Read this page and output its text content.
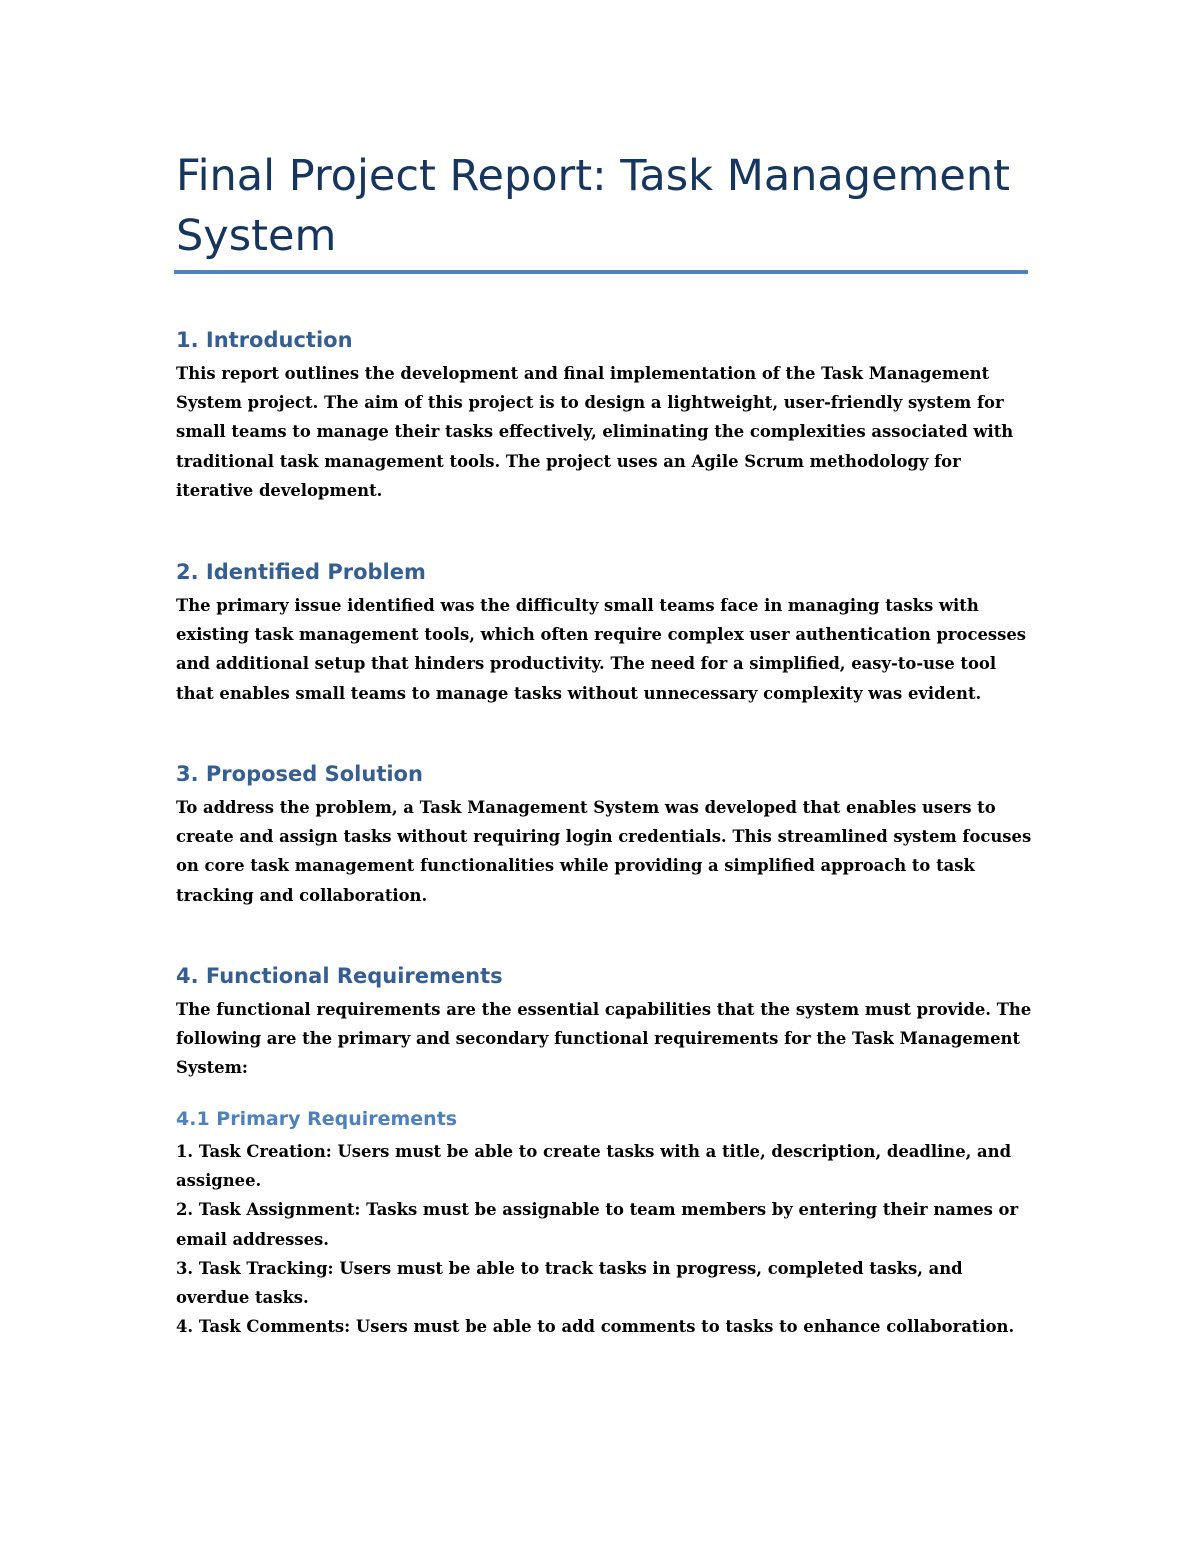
Final Project Report: Task Management System
1. Introduction

This report outlines the development and final implementation of the Task Management System project. The aim of this project is to design a lightweight, user-friendly system for small teams to manage their tasks effectively, eliminating the complexities associated with traditional task management tools. The project uses an Agile Scrum methodology for iterative development.

2. Identified Problem

The primary issue identified was the difficulty small teams face in managing tasks with existing task management tools, which often require complex user authentication processes and additional setup that hinders productivity. The need for a simplified, easy-to-use tool that enables small teams to manage tasks without unnecessary complexity was evident.

3. Proposed Solution

To address the problem, a Task Management System was developed that enables users to create and assign tasks without requiring login credentials. This streamlined system focuses on core task management functionalities while providing a simplified approach to task tracking and collaboration.

4. Functional Requirements

The functional requirements are the essential capabilities that the system must provide. The following are the primary and secondary functional requirements for the Task Management System:

4.1 Primary Requirements
1. Task Creation: Users must be able to create tasks with a title, description, deadline, and assignee.
2. Task Assignment: Tasks must be assignable to team members by entering their names or email addresses.
3. Task Tracking: Users must be able to track tasks in progress, completed tasks, and overdue tasks.
4. Task Comments: Users must be able to add comments to tasks to enhance collaboration.
